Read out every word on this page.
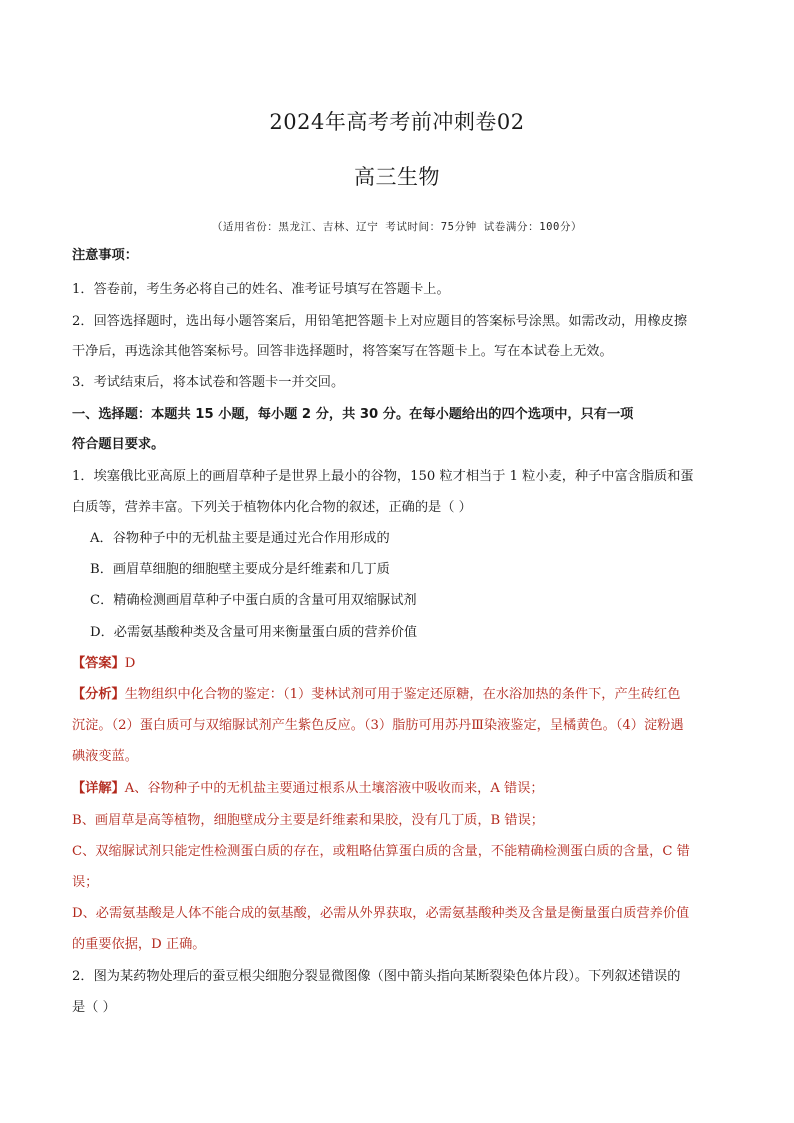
2024年高考考前冲刺卷02
高三生物
（适用省份：黑龙江、吉林、辽宁 考试时间：75分钟 试卷满分：100分）
注意事项：
1．答卷前，考生务必将自己的姓名、准考证号填写在答题卡上。
2．回答选择题时，选出每小题答案后，用铅笔把答题卡上对应题目的答案标号涂黑。如需改动，用橡皮擦
干净后，再选涂其他答案标号。回答非选择题时，将答案写在答题卡上。写在本试卷上无效。
3．考试结束后，将本试卷和答题卡一并交回。
一、选择题：本题共 15 小题，每小题 2 分，共 30 分。在每小题给出的四个选项中，只有一项
符合题目要求。
1．埃塞俄比亚高原上的画眉草种子是世界上最小的谷物，150 粒才相当于 1 粒小麦，种子中富含脂质和蛋
白质等，营养丰富。下列关于植物体内化合物的叙述，正确的是（ ）
A．谷物种子中的无机盐主要是通过光合作用形成的
B．画眉草细胞的细胞壁主要成分是纤维素和几丁质
C．精确检测画眉草种子中蛋白质的含量可用双缩脲试剂
D．必需氨基酸种类及含量可用来衡量蛋白质的营养价值
【答案】D
【分析】生物组织中化合物的鉴定：（1）斐林试剂可用于鉴定还原糖，在水浴加热的条件下，产生砖红色
沉淀。（2）蛋白质可与双缩脲试剂产生紫色反应。（3）脂肪可用苏丹Ⅲ染液鉴定，呈橘黄色。（4）淀粉遇
碘液变蓝。
【详解】A、谷物种子中的无机盐主要通过根系从土壤溶液中吸收而来，A 错误；
B、画眉草是高等植物，细胞壁成分主要是纤维素和果胶，没有几丁质，B 错误；
C、双缩脲试剂只能定性检测蛋白质的存在，或粗略估算蛋白质的含量，不能精确检测蛋白质的含量，C 错
误；
D、必需氨基酸是人体不能合成的氨基酸，必需从外界获取，必需氨基酸种类及含量是衡量蛋白质营养价值
的重要依据，D 正确。
2．图为某药物处理后的蚕豆根尖细胞分裂显微图像（图中箭头指向某断裂染色体片段）。下列叙述错误的
是（ ）
